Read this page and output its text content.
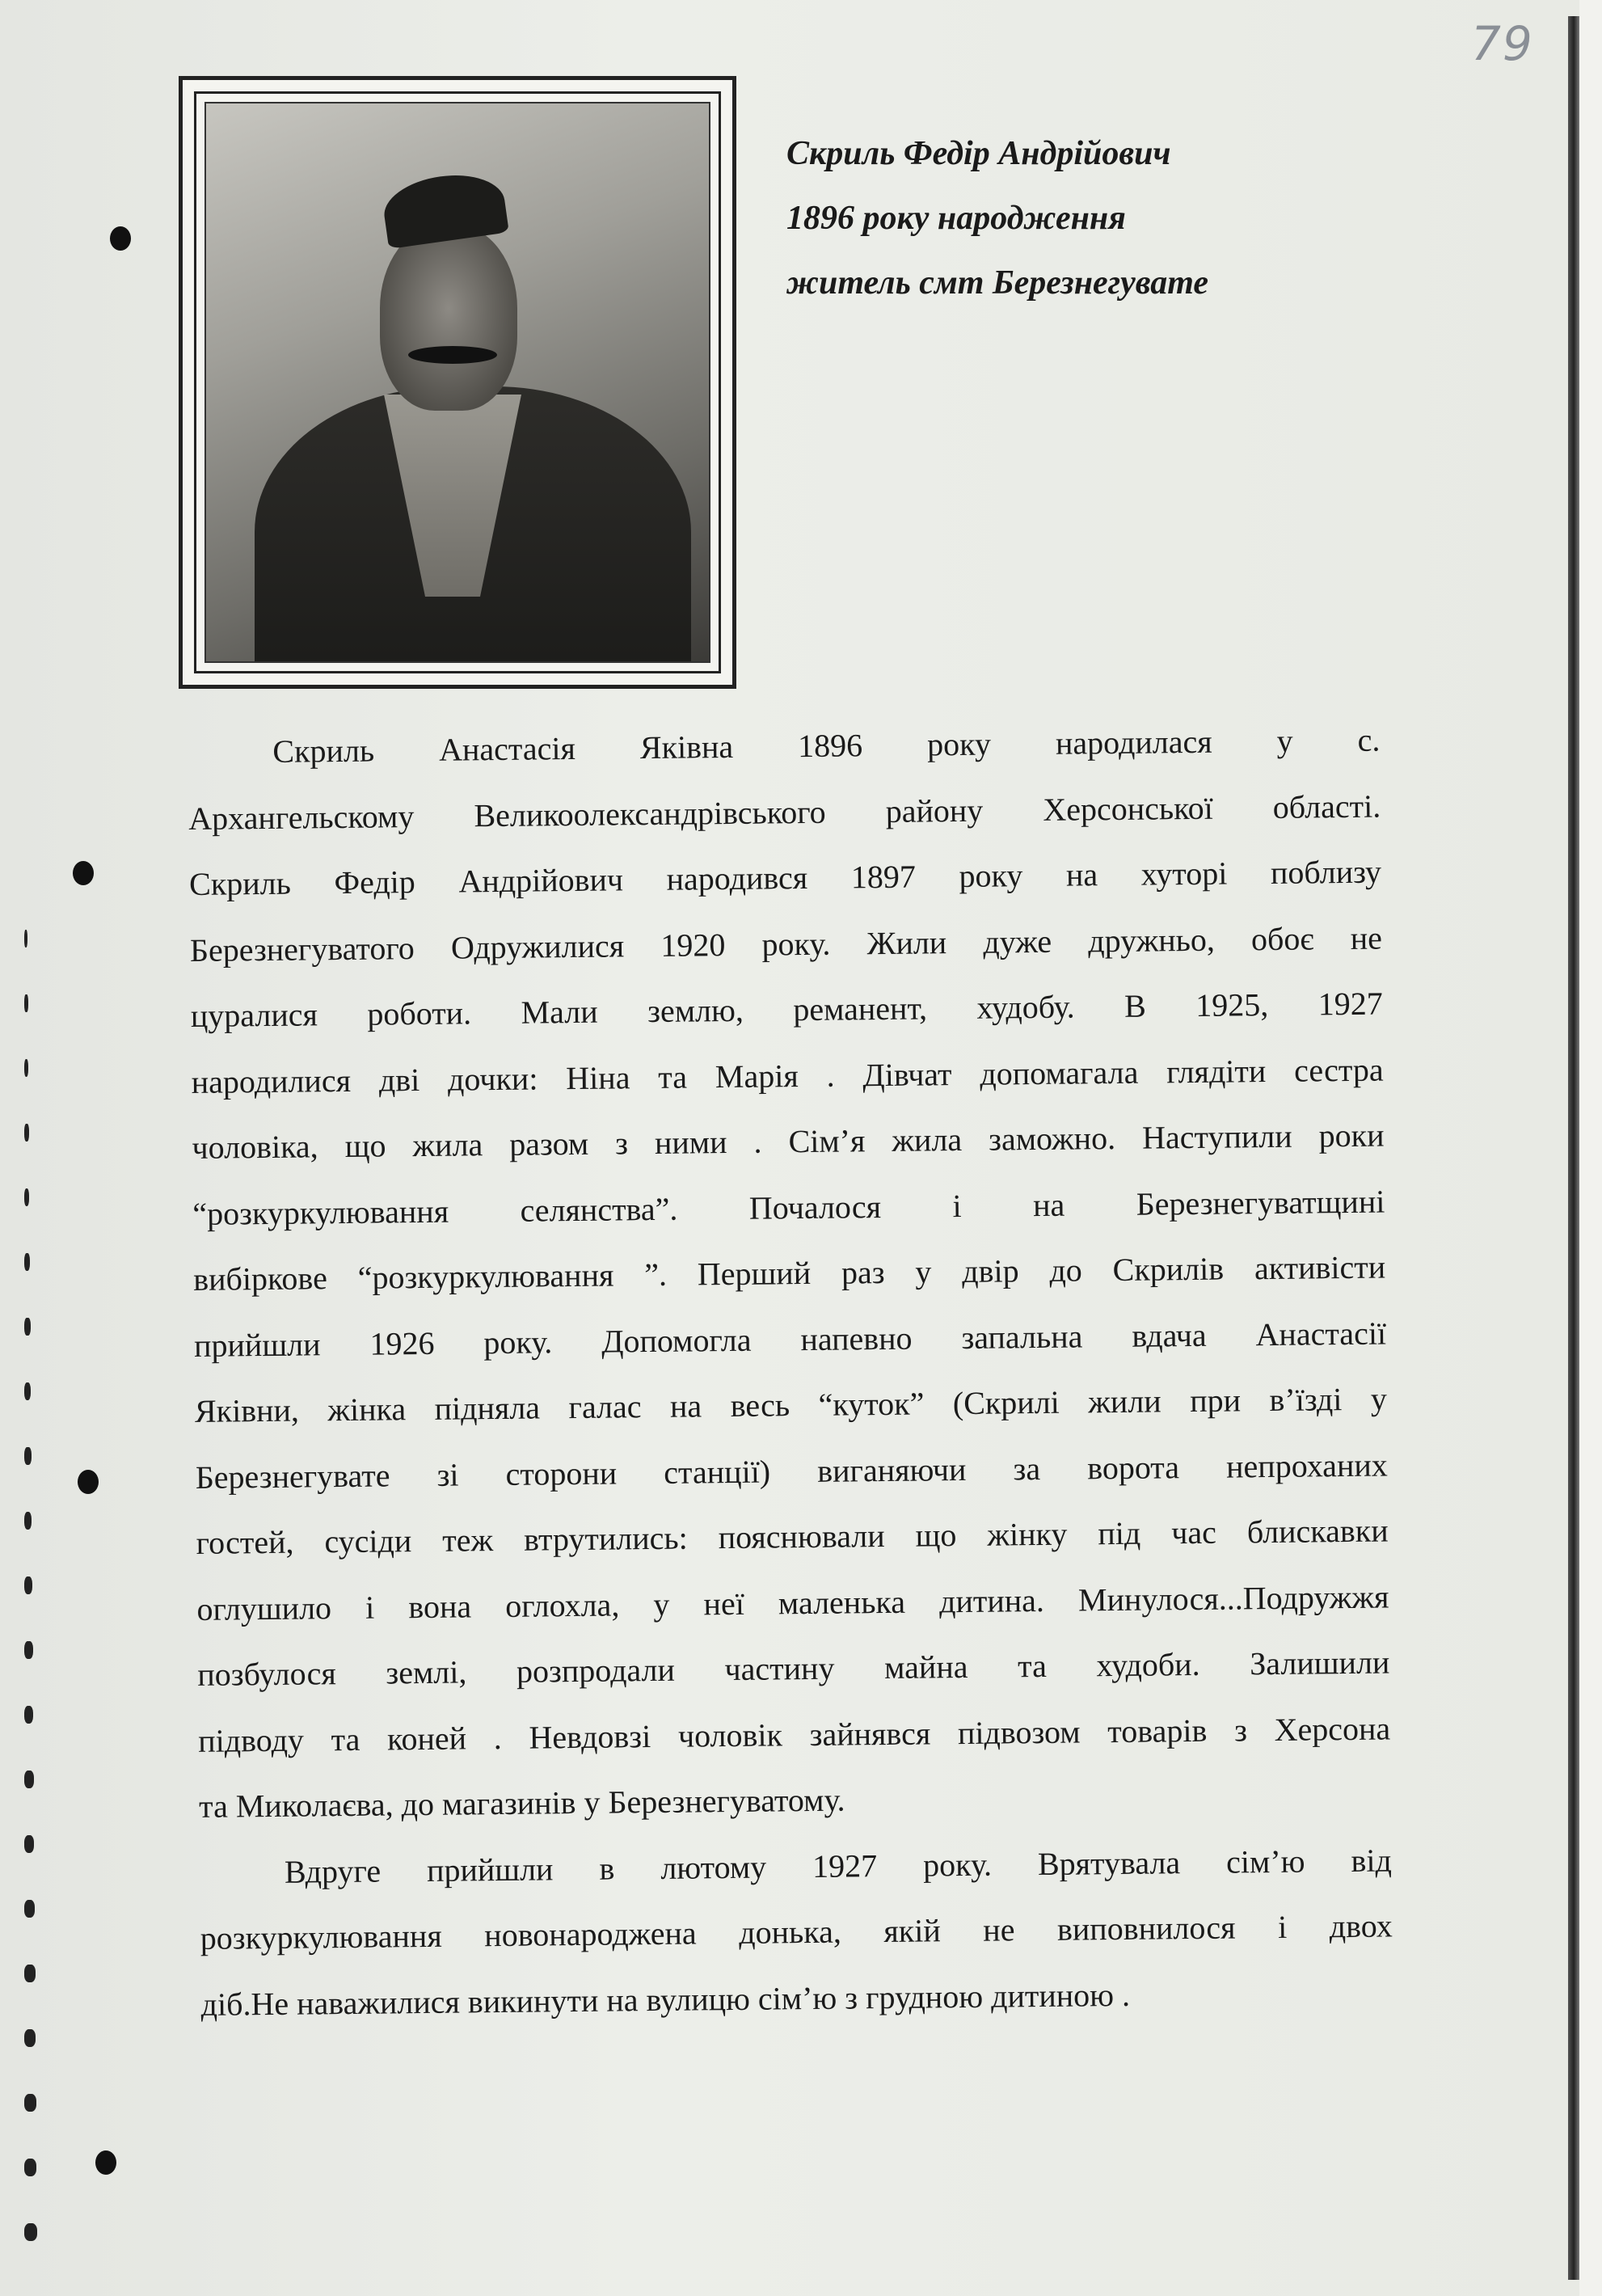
79
Скриль Федір Андрійович
1896 року народження
житель смт Березнегувате
Скриль Анастасія Яківна 1896 року народилася у с.
Архангельскому Великоолександрівського району Херсонської області.
Скриль Федір Андрійович народився 1897 року на хуторі поблизу
Березнегуватого Одружилися 1920 року. Жили дуже дружньо, обоє не
цуралися роботи. Мали землю, реманент, худобу. В 1925, 1927
народилися дві дочки: Ніна та Марія . Дівчат допомагала глядіти сестра
чоловіка, що жила разом з ними . Сім’я жила заможно. Наступили роки
“розкуркулювання селянства”. Почалося і на Березнегуватщині
вибіркове “розкуркулювання ”. Перший раз у двір до Скрилів активісти
прийшли 1926 року. Допомогла напевно запальна вдача Анастасії
Яківни, жінка підняла галас на весь “куток” (Скрилі жили при в’їзді у
Березнегувате зі сторони станції) виганяючи за ворота непроханих
гостей, сусіди теж втрутились: пояснювали що жінку під час блискавки
оглушило і вона оглохла, у неї маленька дитина. Минулося...Подружжя
позбулося землі, розпродали частину майна та худоби. Залишили
підводу та коней . Невдовзі чоловік зайнявся підвозом товарів з Херсона
та Миколаєва, до магазинів у Березнегуватому.
Вдруге прийшли в лютому 1927 року. Врятувала сім’ю від
розкуркулювання новонароджена донька, якій не виповнилося і двох
діб.Не наважилися викинути на вулицю сім’ю з грудною дитиною .
